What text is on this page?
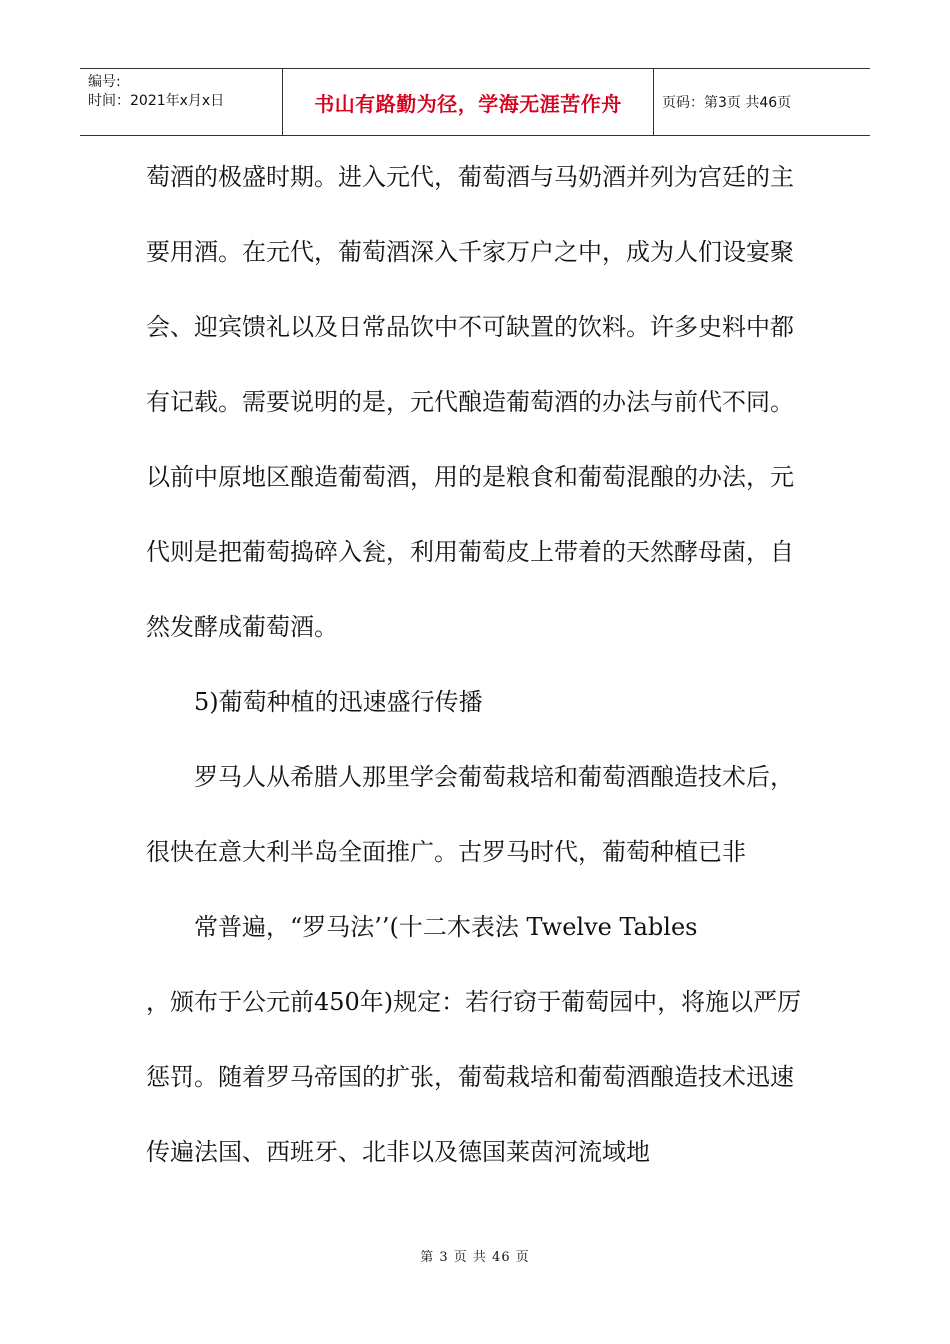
编号:
时间：2021年x月x日	书山有路勤为径，学海无涯苦作舟	页码：第3页 共46页

萄酒的极盛时期。进入元代，葡萄酒与马奶酒并列为宫廷的主要用酒。在元代，葡萄酒深入千家万户之中，成为人们设宴聚会、迎宾馈礼以及日常品饮中不可缺置的饮料。许多史料中都有记载。需要说明的是，元代酿造葡萄酒的办法与前代不同。以前中原地区酿造葡萄酒，用的是粮食和葡萄混酿的办法，元代则是把葡萄捣碎入瓮，利用葡萄皮上带着的天然酵母菌，自然发酵成葡萄酒。

5)葡萄种植的迅速盛行传播

罗马人从希腊人那里学会葡萄栽培和葡萄酒酿造技术后，很快在意大利半岛全面推广。古罗马时代，葡萄种植已非

常普遍，“罗马法’’(十二木表法 Twelve Tables

，颁布于公元前450年)规定：若行窃于葡萄园中，将施以严厉惩罚。随着罗马帝国的扩张，葡萄栽培和葡萄酒酿造技术迅速传遍法国、西班牙、北非以及德国莱茵河流域地

第 3 页 共 46 页
